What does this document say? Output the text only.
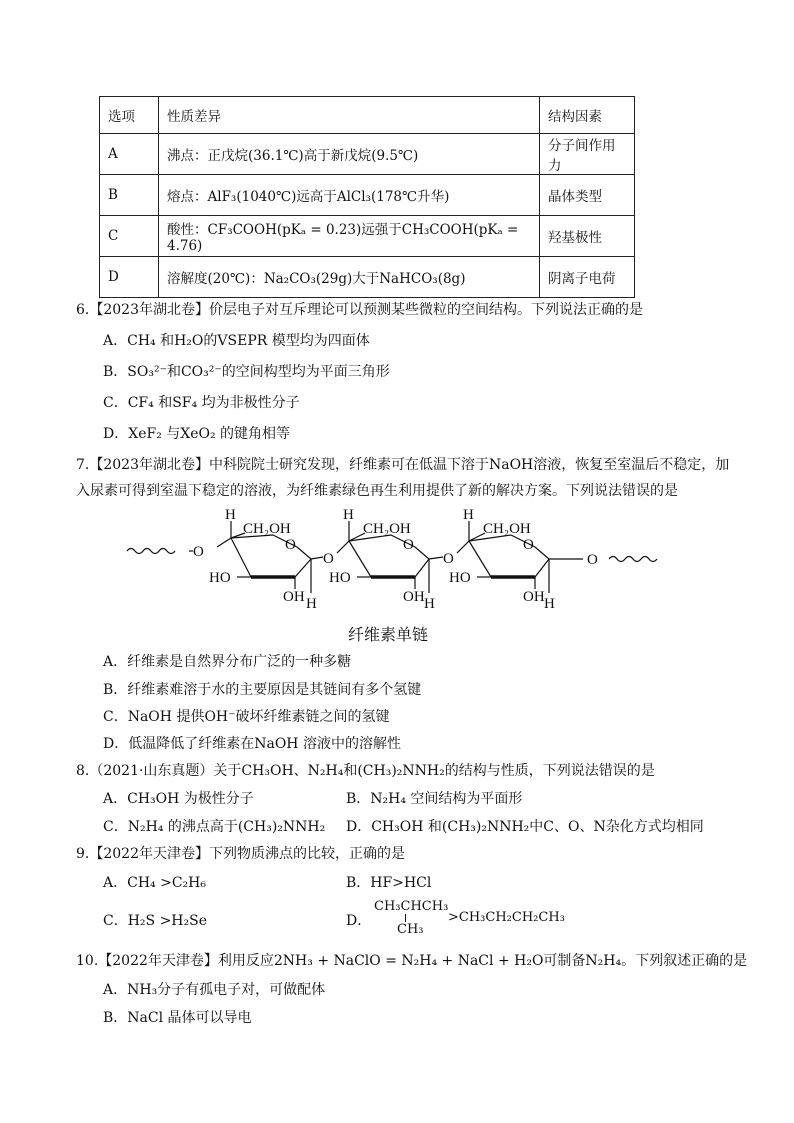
选项	性质差异	结构因素
A	沸点：正戊烷(36.1℃)高于新戊烷(9.5℃)	分子间作用力
B	熔点：AlF₃(1040℃)远高于AlCl₃(178℃升华)	晶体类型
C	酸性：CF₃COOH(pKₐ = 0.23)远强于CH₃COOH(pKₐ = 4.76)	羟基极性
D	溶解度(20℃)：Na₂CO₃(29g)大于NaHCO₃(8g)	阴离子电荷
6.【2023年湖北卷】价层电子对互斥理论可以预测某些微粒的空间结构。下列说法正确的是
A．CH₄ 和H₂O的VSEPR 模型均为四面体
B．SO₃²⁻和CO₃²⁻的空间构型均为平面三角形
C．CF₄ 和SF₄ 均为非极性分子
D．XeF₂ 与XeO₂ 的键角相等
7.【2023年湖北卷】中科院院士研究发现，纤维素可在低温下溶于NaOH溶液，恢复至室温后不稳定，加
入尿素可得到室温下稳定的溶液，为纤维素绿色再生利用提供了新的解决方案。下列说法错误的是
O
H
CH₂OH
O
HO
OH H
O
H
CH₂OH
O
HO
OH H
O
H
CH₂OH
O
HO
OH H
O
纤维素单链
A．纤维素是自然界分布广泛的一种多糖
B．纤维素难溶于水的主要原因是其链间有多个氢键
C．NaOH 提供OH⁻破坏纤维素链之间的氢键
D．低温降低了纤维素在NaOH 溶液中的溶解性
8.（2021·山东真题）关于CH₃OH、N₂H₄和(CH₃)₂NNH₂的结构与性质，下列说法错误的是
A．CH₃OH 为极性分子	B．N₂H₄ 空间结构为平面形
C．N₂H₄ 的沸点高于(CH₃)₂NNH₂ D．CH₃OH 和(CH₃)₂NNH₂中C、O、N杂化方式均相同
9.【2022年天津卷】下列物质沸点的比较，正确的是
A．CH₄ >C₂H₆	B．HF>HCl
C．H₂S >H₂Se	D．
CH₃CHCH₃
CH₃
>CH₃CH₂CH₂CH₃
10.【2022年天津卷】利用反应2NH₃ + NaClO = N₂H₄ + NaCl + H₂O可制备N₂H₄。下列叙述正确的是
A．NH₃分子有孤电子对，可做配体
B．NaCl 晶体可以导电
